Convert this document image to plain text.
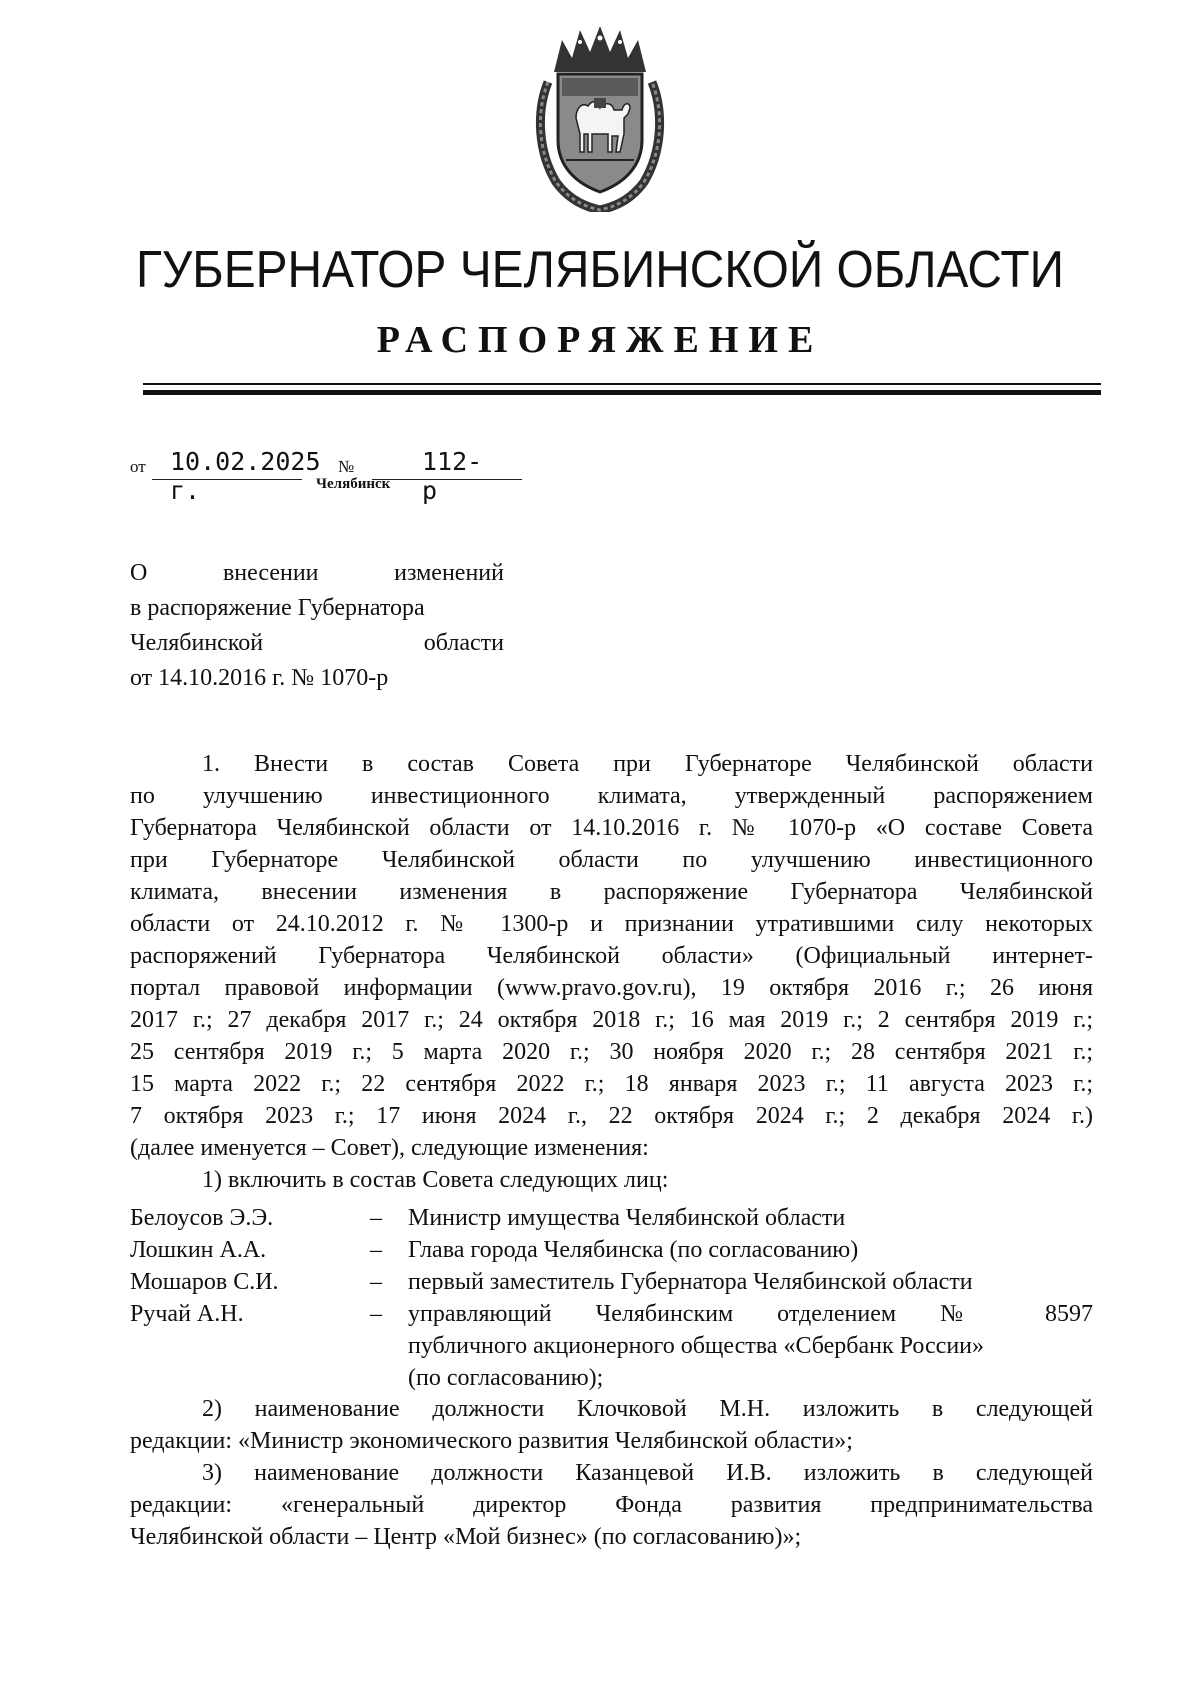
ГУБЕРНАТОР ЧЕЛЯБИНСКОЙ ОБЛАСТИ
РАСПОРЯЖЕНИЕ
от 10.02.2025 г.
№	112-р
Челябинск
О внесении изменений
в распоряжение Губернатора
Челябинской области
от 14.10.2016 г. № 1070-р
1. Внести в состав Совета при Губернаторе Челябинской области
по улучшению инвестиционного климата, утвержденный распоряжением
Губернатора Челябинской области от 14.10.2016 г. № 1070-р «О составе Совета
при Губернаторе Челябинской области по улучшению инвестиционного
климата, внесении изменения в распоряжение Губернатора Челябинской
области от 24.10.2012 г. № 1300-р и признании утратившими силу некоторых
распоряжений Губернатора Челябинской области» (Официальный интернет-
портал правовой информации (www.pravo.gov.ru), 19 октября 2016 г.; 26 июня
2017 г.; 27 декабря 2017 г.; 24 октября 2018 г.; 16 мая 2019 г.; 2 сентября 2019 г.;
25 сентября 2019 г.; 5 марта 2020 г.; 30 ноября 2020 г.; 28 сентября 2021 г.;
15 марта 2022 г.; 22 сентября 2022 г.; 18 января 2023 г.; 11 августа 2023 г.;
7 октября 2023 г.; 17 июня 2024 г., 22 октября 2024 г.; 2 декабря 2024 г.)
(далее именуется – Совет), следующие изменения:
1) включить в состав Совета следующих лиц:
Белоусов Э.Э.	– Министр имущества Челябинской области
Лошкин А.А.	– Глава города Челябинска (по согласованию)
Мошаров С.И.	– первый заместитель Губернатора Челябинской области
Ручай А.Н.	– управляющий Челябинским отделением № 8597
публичного акционерного общества «Сбербанк России»
(по согласованию);
2) наименование должности Клочковой М.Н. изложить в следующей
редакции: «Министр экономического развития Челябинской области»;
3) наименование должности Казанцевой И.В. изложить в следующей
редакции: «генеральный директор Фонда развития предпринимательства
Челябинской области – Центр «Мой бизнес» (по согласованию)»;
